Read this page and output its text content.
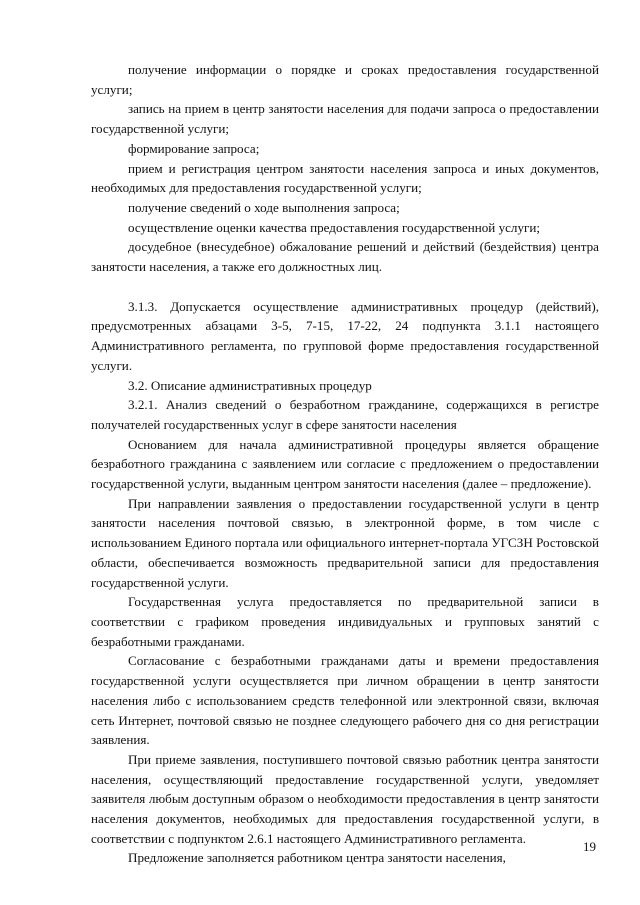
получение информации о порядке и сроках предоставления государственной услуги;

запись на прием в центр занятости населения для подачи запроса о предоставлении государственной услуги;

формирование запроса;

прием и регистрация центром занятости населения запроса и иных документов, необходимых для предоставления государственной услуги;

получение сведений о ходе выполнения запроса;

осуществление оценки качества предоставления государственной услуги;

досудебное (внесудебное) обжалование решений и действий (бездействия) центра занятости населения, а также его должностных лиц.

3.1.3. Допускается осуществление административных процедур (действий), предусмотренных абзацами 3-5, 7-15, 17-22, 24 подпункта 3.1.1 настоящего Административного регламента, по групповой форме предоставления государственной услуги.

3.2. Описание административных процедур

3.2.1. Анализ сведений о безработном гражданине, содержащихся в регистре получателей государственных услуг в сфере занятости населения

Основанием для начала административной процедуры является обращение безработного гражданина с заявлением или согласие с предложением о предоставлении государственной услуги, выданным центром занятости населения (далее – предложение).

При направлении заявления о предоставлении государственной услуги в центр занятости населения почтовой связью, в электронной форме, в том числе с использованием Единого портала или официального интернет-портала УГСЗН Ростовской области, обеспечивается возможность предварительной записи для предоставления государственной услуги.

Государственная услуга предоставляется по предварительной записи в соответствии с графиком проведения индивидуальных и групповых занятий с безработными гражданами.

Согласование с безработными гражданами даты и времени предоставления государственной услуги осуществляется при личном обращении в центр занятости населения либо с использованием средств телефонной или электронной связи, включая сеть Интернет, почтовой связью не позднее следующего рабочего дня со дня регистрации заявления.

При приеме заявления, поступившего почтовой связью работник центра занятости населения, осуществляющий предоставление государственной услуги, уведомляет заявителя любым доступным образом о необходимости предоставления в центр занятости населения документов, необходимых для предоставления государственной услуги, в соответствии с подпунктом 2.6.1 настоящего Административного регламента.

Предложение заполняется работником центра занятости населения,

19
